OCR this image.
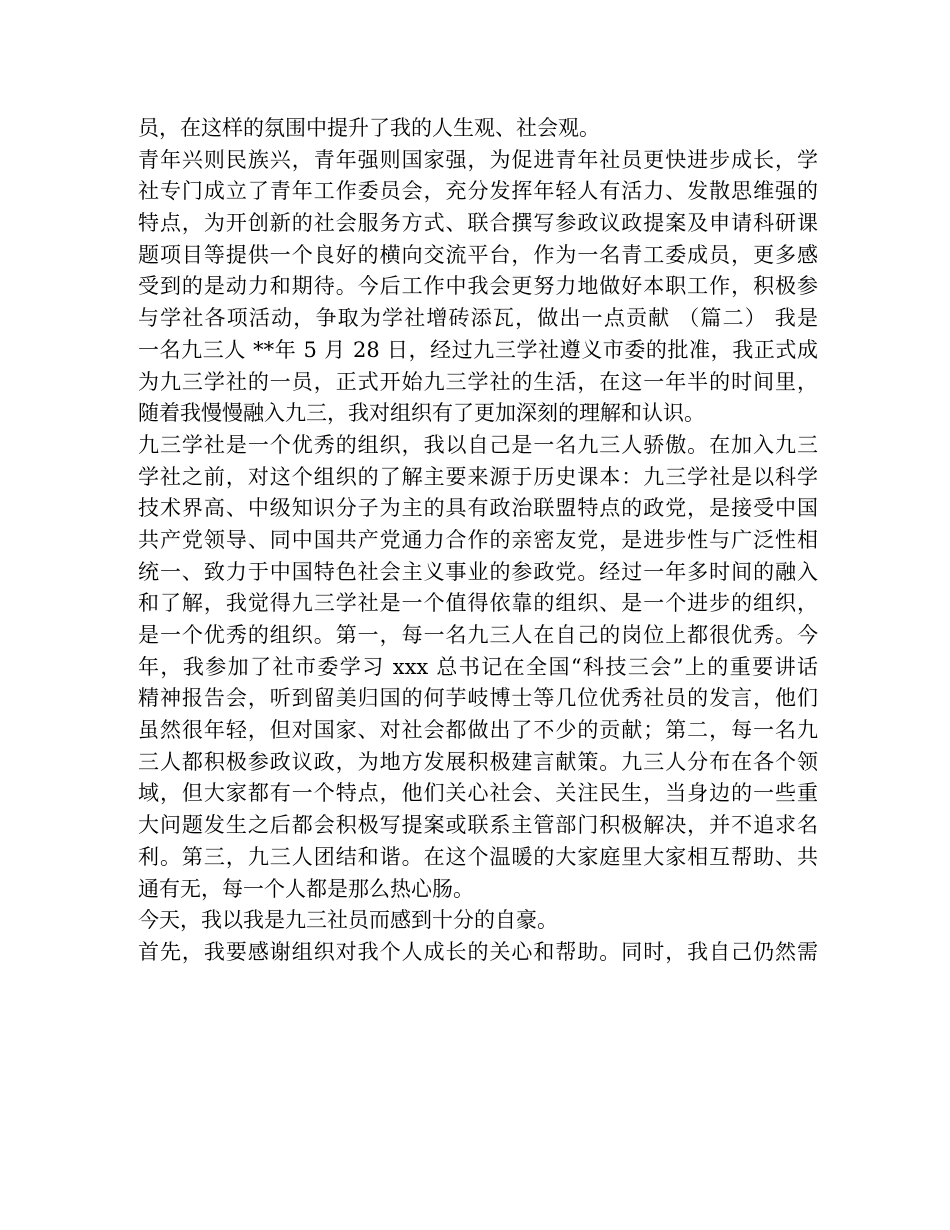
员，在这样的氛围中提升了我的人生观、社会观。
青年兴则民族兴，青年强则国家强，为促进青年社员更快进步成长，学
社专门成立了青年工作委员会，充分发挥年轻人有活力、发散思维强的
特点，为开创新的社会服务方式、联合撰写参政议政提案及申请科研课
题项目等提供一个良好的横向交流平台，作为一名青工委成员，更多感
受到的是动力和期待。今后工作中我会更努力地做好本职工作，积极参
与学社各项活动，争取为学社增砖添瓦，做出一点贡献 （篇二） 我是
一名九三人 **年 5 月 28 日，经过九三学社遵义市委的批准，我正式成
为九三学社的一员，正式开始九三学社的生活，在这一年半的时间里，
随着我慢慢融入九三，我对组织有了更加深刻的理解和认识。
九三学社是一个优秀的组织，我以自己是一名九三人骄傲。在加入九三
学社之前，对这个组织的了解主要来源于历史课本：九三学社是以科学
技术界高、中级知识分子为主的具有政治联盟特点的政党，是接受中国
共产党领导、同中国共产党通力合作的亲密友党，是进步性与广泛性相
统一、致力于中国特色社会主义事业的参政党。经过一年多时间的融入
和了解，我觉得九三学社是一个值得依靠的组织、是一个进步的组织，
是一个优秀的组织。第一，每一名九三人在自己的岗位上都很优秀。今
年，我参加了社市委学习 xxx 总书记在全国“科技三会”上的重要讲话
精神报告会，听到留美归国的何芋岐博士等几位优秀社员的发言，他们
虽然很年轻，但对国家、对社会都做出了不少的贡献；第二，每一名九
三人都积极参政议政，为地方发展积极建言献策。九三人分布在各个领
域，但大家都有一个特点，他们关心社会、关注民生，当身边的一些重
大问题发生之后都会积极写提案或联系主管部门积极解决，并不追求名
利。第三，九三人团结和谐。在这个温暖的大家庭里大家相互帮助、共
通有无，每一个人都是那么热心肠。
今天，我以我是九三社员而感到十分的自豪。
首先，我要感谢组织对我个人成长的关心和帮助。同时，我自己仍然需
